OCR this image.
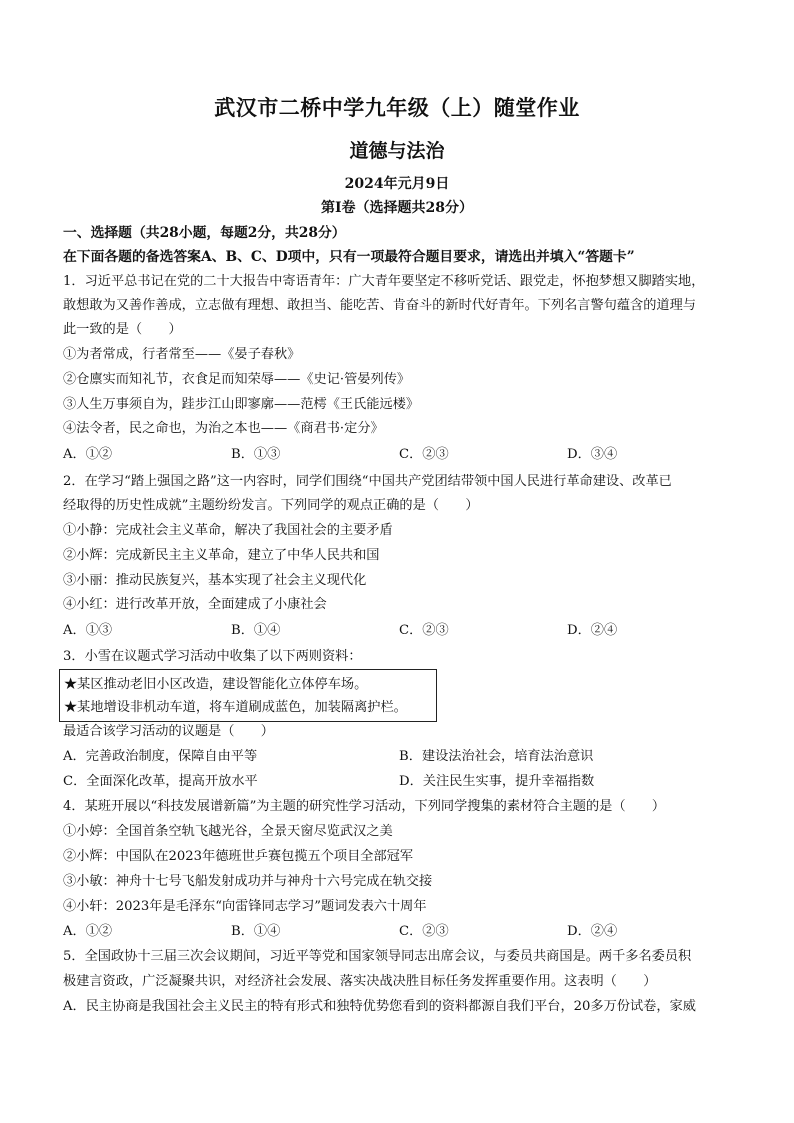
武汉市二桥中学九年级（上）随堂作业
道德与法治
2024年元月9日
第Ⅰ卷（选择题共28分）
一、选择题（共28小题，每题2分，共28分）
在下面各题的备选答案A、B、C、D项中，只有一项最符合题目要求，请选出并填入“答题卡”
1．习近平总书记在党的二十大报告中寄语青年：广大青年要坚定不移听党话、跟党走，怀抱梦想又脚踏实地，
敢想敢为又善作善成，立志做有理想、敢担当、能吃苦、肯奋斗的新时代好青年。下列名言警句蕴含的道理与
此一致的是（　　）
①为者常成，行者常至——《晏子春秋》
②仓廪实而知礼节，衣食足而知荣辱——《史记·管晏列传》
③人生万事须自为，跬步江山即寥廓——范樗《王氏能远楼》
④法令者，民之命也，为治之本也——《商君书·定分》
A．①②	B．①③	C．②③	D．③④
2．在学习“踏上强国之路”这一内容时，同学们围绕“中国共产党团结带领中国人民进行革命建设、改革已
经取得的历史性成就”主题纷纷发言。下列同学的观点正确的是（　　）
①小静：完成社会主义革命，解决了我国社会的主要矛盾
②小辉：完成新民主主义革命，建立了中华人民共和国
③小丽：推动民族复兴，基本实现了社会主义现代化
④小红：进行改革开放，全面建成了小康社会
A．①③	B．①④	C．②③	D．②④
3．小雪在议题式学习活动中收集了以下两则资料：
★某区推动老旧小区改造，建设智能化立体停车场。
★某地增设非机动车道，将车道刷成蓝色，加装隔离护栏。
最适合该学习活动的议题是（　　）
A．完善政治制度，保障自由平等	B．建设法治社会，培育法治意识
C．全面深化改革，提高开放水平	D．关注民生实事，提升幸福指数
4．某班开展以“科技发展谱新篇”为主题的研究性学习活动，下列同学搜集的素材符合主题的是（　　）
①小婷：全国首条空轨飞越光谷，全景天窗尽览武汉之美
②小辉：中国队在2023年德班世乒赛包揽五个项目全部冠军
③小敏：神舟十七号飞船发射成功并与神舟十六号完成在轨交接
④小轩：2023年是毛泽东“向雷锋同志学习”题词发表六十周年
A．①②	B．①④	C．②③	D．②④
5．全国政协十三届三次会议期间，习近平等党和国家领导同志出席会议，与委员共商国是。两千多名委员积
极建言资政，广泛凝聚共识，对经济社会发展、落实决战决胜目标任务发挥重要作用。这表明（　　）
A．民主协商是我国社会主义民主的特有形式和独特优势您看到的资料都源自我们平台，20多万份试卷，家威
